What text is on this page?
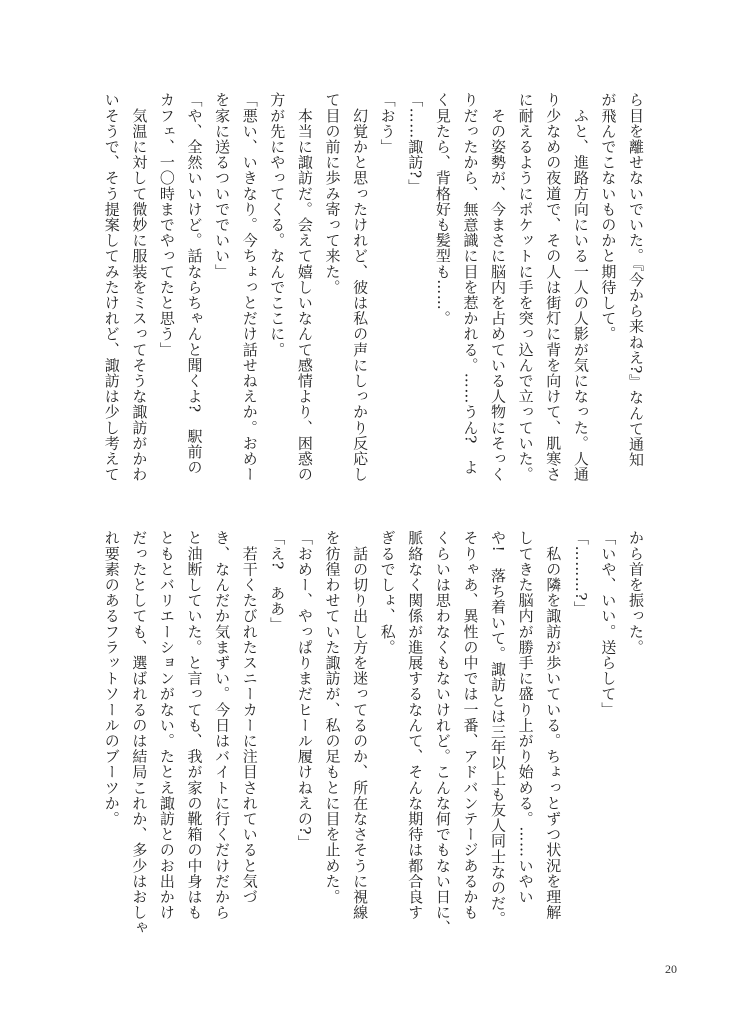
ら目を離せないでいた。『今から来ねえ?』なんて通知
が飛んでこないものかと期待して。
　ふと、進路方向にいる一人の人影が気になった。人通
り少なめの夜道で、その人は街灯に背を向けて、肌寒さ
に耐えるようにポケットに手を突っ込んで立っていた。
　その姿勢が、今まさに脳内を占めている人物にそっく
りだったから、無意識に目を惹かれる。……うん?　よ
く見たら、背格好も髪型も……。
「……諏訪?」
「おう」
　幻覚かと思ったけれど、彼は私の声にしっかり反応し
て目の前に歩み寄って来た。
　本当に諏訪だ。会えて嬉しいなんて感情より、困惑の
方が先にやってくる。なんでここに。
「悪い、いきなり。今ちょっとだけ話せねえか。おめー
を家に送るついででいい」
「や、全然いいけど。話ならちゃんと聞くよ?　駅前の
カフェ、一〇時までやってたと思う」
　気温に対して微妙に服装をミスってそうな諏訪がかわ
いそうで、そう提案してみたけれど、諏訪は少し考えて
から首を振った。
「いや、いい。送らして」
「………?」
　私の隣を諏訪が歩いている。ちょっとずつ状況を理解
してきた脳内が勝手に盛り上がり始める。……いやい
や!　落ち着いて。諏訪とは三年以上も友人同士なのだ。
そりゃあ、異性の中では一番、アドバンテージあるかも
くらいは思わなくもないけれど。こんな何でもない日に、
脈絡なく関係が進展するなんて、そんな期待は都合良す
ぎるでしょ、私。
　話の切り出し方を迷ってるのか、所在なさそうに視線
を彷徨わせていた諏訪が、私の足もとに目を止めた。
「おめー、やっぱりまだヒール履けねえの?」
「え?　ああ」
　若干くたびれたスニーカーに注目されていると気づ
き、なんだか気まずい。今日はバイトに行くだけだから
と油断していた。と言っても、我が家の靴箱の中身はも
ともとバリエーションがない。たとえ諏訪とのお出かけ
だったとしても、選ばれるのは結局これか、多少はおしゃ
れ要素のあるフラットソールのブーツか。
20
